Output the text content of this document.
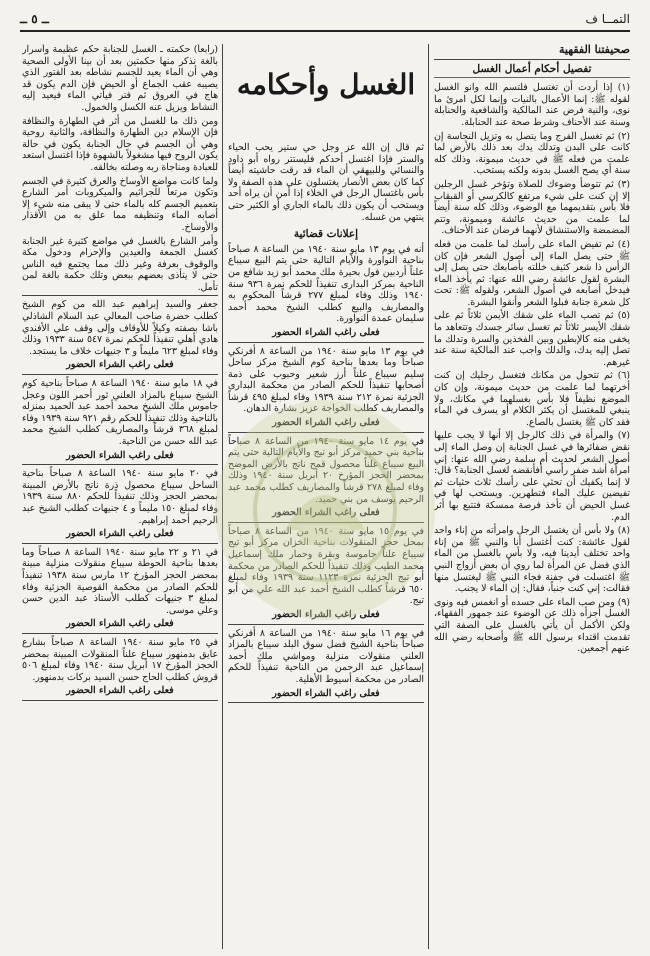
التمــا ف
ــ ٥ ــ
صحيفتنا الفقهية
تفصيل أحكام أعمال الغسل

(١) إذا أردت أن تغتسل فلتسم الله وانو الغسل لقوله ﷺ: إنما الأعمال بالنيات وإنما لكل امرئ ما نوى، والنية فرض عند المالكية والشافعية والحنابلة وسنة عند الأحناف وشرط صحة عند الحنابلة.

(٢) ثم تغسل الفرج وما يتصل به وتزيل النجاسة إن كانت على البدن وتدلك يدك بعد ذلك بالأرض لما علمت من فعله ﷺ في حديث ميمونة، وذلك كله سنة أي يصح الغسل بدونه ولكنه يستحب.

(٣) ثم تتوضأ وضوءك للصلاة وتؤخر غسل الرجلين إلا إن كنت على شيء مرتفع كالكرسي أو القبقاب فلا بأس بتقديمهما مع الوضوء، وذلك كله سنة أيضاً لما علمت من حديث عائشة وميمونة، وتتم المضمضة والاستنشاق لأنهما فرضان عند الأحناف.

(٤) ثم تفيض الماء على رأسك لما علمت من فعله ﷺ حتى يصل الماء إلى أصول الشعر فإن كان الرأس ذا شعر كثيف خللته بأصابعك حتى يصل إلى البشرة لقول عائشة رضي الله عنها: ثم يأخذ الماء فيدخل أصابعه في أصول الشعر، ولقوله ﷺ: تحت كل شعرة جنابة فبلوا الشعر وأنقوا البشرة.

(٥) ثم تصب الماء على شقك الأيمن ثلاثاً ثم على شقك الأيسر ثلاثاً ثم تغسل سائر جسدك وتتعاهد ما يخفى منه كالإبطين وبين الفخذين والسرة وتدلك ما تصل إليه يدك، والدلك واجب عند المالكية سنة عند غيرهم.

(٦) ثم تتحول من مكانك فتغسل رجليك إن كنت أخرتهما لما علمت من حديث ميمونة، وإن كان الموضع نظيفاً فلا بأس بغسلهما في مكانك، ولا ينبغي للمغتسل أن يكثر الكلام أو يسرف في الماء فقد كان ﷺ يغتسل بالصاع.

(٧) والمرأة في ذلك كالرجل إلا أنها لا يجب عليها نقض ضفائرها في غسل الجنابة إن وصل الماء إلى أصول الشعر لحديث أم سلمة رضي الله عنها: إني امرأة أشد ضفر رأسي أفأنقضه لغسل الجنابة؟ قال: لا إنما يكفيك أن تحثي على رأسك ثلاث حثيات ثم تفيضين عليك الماء فتطهرين. ويستحب لها في غسل الحيض أن تأخذ فرصة ممسكة فتتبع بها أثر الدم.

(٨) ولا بأس أن يغتسل الرجل وامرأته من إناء واحد لقول عائشة: كنت أغتسل أنا والنبي ﷺ من إناء واحد تختلف أيدينا فيه، ولا بأس بالغسل من الماء الذي فضل عن المرأة لما روي أن بعض أزواج النبي ﷺ اغتسلت في جفنة فجاء النبي ﷺ ليغتسل منها فقالت: إني كنت جنباً، فقال: إن الماء لا يجنب.

(٩) ومن صب الماء على جسده أو انغمس فيه ونوى الغسل أجزأه ذلك عن الوضوء عند جمهور الفقهاء، ولكن الأكمل أن يأتي بالغسل على الصفة التي تقدمت اقتداء برسول الله ﷺ وأصحابه رضي الله عنهم أجمعين.

الغسل وأحكامه

ثم قال إن الله عز وجل حي ستير يحب الحياء والستر فإذا اغتسل أحدكم فليستتر رواه أبو داود والنسائي وللبيهقي أن الماء قد رقت حاشيته أيضاً كما كان بعض الأنصار يغتسلون على هذه الصفة ولا بأس باغتسال الرجل في الخلاء إذا أمن أن يراه أحد ويستحب أن يكون ذلك بالماء الجاري أو الكثير حتى ينتهي من غسله.

إعلانات قضائية

أنه في يوم ١٣ مايو سنة ١٩٤٠ من الساعة ٨ صباحاً بناحية النواورة والأيام التالية حتى يتم البيع سيباع علناً أردبين فول بحيرة ملك محمد أبو زيد شافع من الناحية بمركز البدارى تنفيذاً للحكم نمرة ٩٣٦ سنة ١٩٤٠ وذلك وفاء لمبلغ ٢٧٧ قرشاً المحكوم به والمصاريف والبيع كطلب الشيخ محمد أحمد سليمان عمدة النواورة.

فعلى راغب الشراء الحضور

في يوم ١٣ مايو سنة ١٩٤٠ من الساعة ٨ أفرنكي صباحاً وما بعدها بناحية كوم الشيخ مركز ساحل سليم سيباع علناً أرز شعير وحبوب على ذمة أصحابها تنفيذاً للحكم الصادر من محكمة البدارى الجزئية نمرة ٢١٢ سنة ١٩٣٩ وفاء لمبلغ ٤٩٥ قرشاً والمصاريف كطلب الخواجة عزيز بشارة الدهان.

فعلى راغب الشراء الحضور

في يوم ١٤ مايو سنة ١٩٤٠ من الساعة ٨ صباحاً بناحية بني حميد مركز أبو تيج والأيام التالية حتى يتم البيع سيباع علناً محصول قمح ناتج بالأرض الموضح بمحضر الحجز المؤرخ ٢٠ أبريل سنة ١٩٤٠ وذلك وفاء لمبلغ ٢٧٨ قرشاً والمصاريف كطلب محمد عبد الرحيم يوسف من بني حميد.

فعلى راغب الشراء الحضور

في يوم ١٥ مايو سنة ١٩٤٠ من الساعة ٨ صباحاً بمحل حجز المنقولات بناحية الخزان مركز أبو تيج سيباع علناً جاموسة وبقرة وحمار ملك إسماعيل محمد الطيب وذلك تنفيذاً للحكم الصادر من محكمة أبو تيج الجزئية نمرة ١١٢٣ سنة ١٩٣٩ وفاء لمبلغ ٦٥٠ قرشاً كطلب الشيخ أحمد عبد الله علي من أبو تيج.

فعلى راغب الشراء الحضور

في يوم ١٦ مايو سنة ١٩٤٠ من الساعة ٨ أفرنكي صباحاً بناحية الشيخ فضل سوق البلد سيباع بالمزاد العلني منقولات منزلية ومواشي ملك أحمد إسماعيل عبد الرحمن من الناحية تنفيذاً للحكم الصادر من محكمة أسيوط الأهلية.

فعلى راغب الشراء الحضور

(رابعاً) حكمته ـ الغسل للجنابة حكم عظيمة وأسرار بالغة نذكر منها حكمتين بعد أن بينا الأولى الصحية وهي أن الماء يعيد للجسم نشاطه بعد الفتور الذي يصيبه عقب الجماع أو الحيض فإن الدم يكون قد هاج في العروق ثم فتر فيأتي الماء فيعيد إليه النشاط ويزيل عنه الكسل والخمول.

ومن ذلك ما للغسل من أثر في الطهارة والنظافة فإن الإسلام دين الطهارة والنظافة، والثانية روحية وهي أن الجسم في حال الجنابة يكون في حالة يكون الروح فيها مشغولاً بالشهوة فإذا اغتسل استعد للعبادة ومناجاة ربه وصلته بخالقه.

ولما كانت مواضع الأوساخ والعرق كثيرة في الجسم وتكون مرتعاً للجراثيم والميكروبات أمر الشارع بتعميم الجسم كله بالماء حتى لا يبقى منه شيء إلا أصابه الماء وتنظيفه مما علق به من الأقذار والأوساخ.

وأمر الشارع بالغسل في مواضع كثيرة غير الجنابة كغسل الجمعة والعيدين والإحرام ودخول مكة والوقوف بعرفة وغير ذلك مما يجتمع فيه الناس حتى لا يتأذى بعضهم ببعض وتلك حكمة بالغة لمن تأمل.

جعفر والسيد إبراهيم عبد الله من كوم الشيخ كطلب حضرة صاحب المعالي عبد السلام الشاذلي باشا بصفته وكيلاً للأوقاف وإلى وقف علي الأفندي هادي أهلي تنفيذاً للحكم نمرة ٥٤٧ سنة ١٩٣٣ وذلك وفاء لمبلغ ٦٢٣ مليماً و ٣ جنيهات خلاف ما يستجد.

فعلى راغب الشراء الحضور

في ١٨ مايو سنة ١٩٤٠ الساعة ٨ صباحاً بناحية كوم الشيخ سيباع بالمزاد العلني ثور أحمر اللون وعجل جاموس ملك الشيخ محمد أحمد عبد الحميد بمنزله بالناحية وذلك تنفيذاً للحكم رقم ٩٢١ سنة ١٩٣٩ وفاء لمبلغ ٣٦٨ قرشاً والمصاريف كطلب الشيخ محمد عبد الله حسن من الناحية.

فعلى راغب الشراء الحضور

في ٢٠ مايو سنة ١٩٤٠ الساعة ٨ صباحاً بناحية الساحل سيباع محصول ذرة ناتج بالأرض المبينة بمحضر الحجز وذلك تنفيذاً للحكم ٨٨٠ سنة ١٩٣٩ وفاء لمبلغ ١٥٠ مليماً و ٤ جنيهات كطلب الشيخ عبد الرحيم أحمد إبراهيم.

فعلى راغب الشراء الحضور

في ٢١ و ٢٢ مايو سنة ١٩٤٠ الساعة ٨ صباحاً وما بعدها بناحية الحوطة سيباع منقولات منزلية مبينة بمحضر الحجز المؤرخ ١٢ مارس سنة ١٩٣٨ تنفيذاً للحكم الصادر من محكمة القوصية الجزئية وفاء لمبلغ ٣ جنيهات كطلب الأستاذ عبد الدين حسن وعلي موسى.

فعلى راغب الشراء الحضور

في ٢٥ مايو سنة ١٩٤٠ الساعة ٨ صباحاً بشارع عايق بدمنهور سيباع علناً المنقولات المبينة بمحضر الحجز المؤرخ ١٧ أبريل سنة ١٩٤٠ وفاء لمبلغ ٥٠٦ قروش كطلب الحاج حسن السيد بركات بدمنهور.

فعلى راغب الشراء الحضور
